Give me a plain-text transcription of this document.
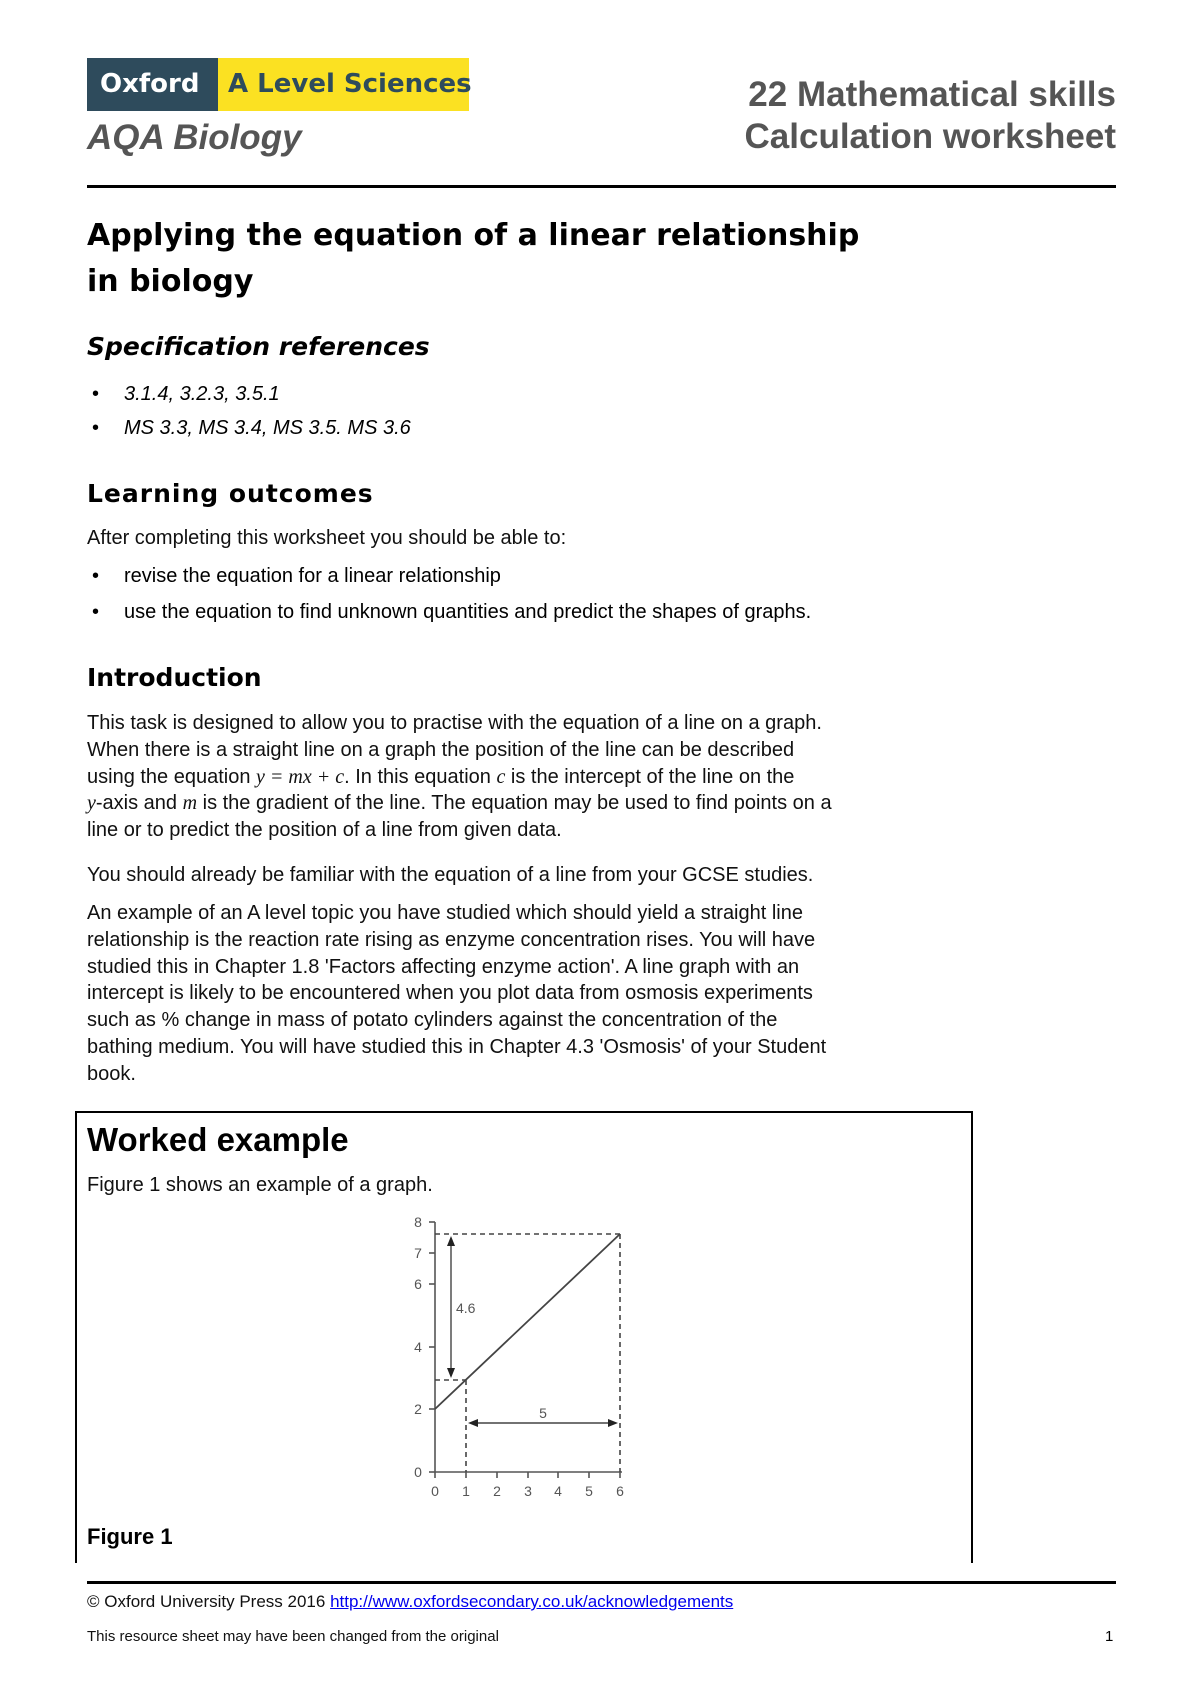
Oxford	A Level Sciences
AQA Biology
22 Mathematical skills
Calculation worksheet
Applying the equation of a linear relationship
in biology
Specification references
• 3.1.4, 3.2.3, 3.5.1
• MS 3.3, MS 3.4, MS 3.5. MS 3.6
Learning outcomes
After completing this worksheet you should be able to:
• revise the equation for a linear relationship
• use the equation to find unknown quantities and predict the shapes of graphs.
Introduction
This task is designed to allow you to practise with the equation of a line on a graph.
When there is a straight line on a graph the position of the line can be described
using the equation y = mx + c. In this equation c is the intercept of the line on the
y-axis and m is the gradient of the line. The equation may be used to find points on a
line or to predict the position of a line from given data.
You should already be familiar with the equation of a line from your GCSE studies.
An example of an A level topic you have studied which should yield a straight line
relationship is the reaction rate rising as enzyme concentration rises. You will have
studied this in Chapter 1.8 'Factors affecting enzyme action'. A line graph with an
intercept is likely to be encountered when you plot data from osmosis experiments
such as % change in mass of potato cylinders against the concentration of the
bathing medium. You will have studied this in Chapter 4.3 'Osmosis' of your Student
book.
Worked example
Figure 1 shows an example of a graph.
8
7
6
4
2
0
0 1 2 3 4 5 6
4.6
5
Figure 1
© Oxford University Press 2016 http://www.oxfordsecondary.co.uk/acknowledgements
This resource sheet may have been changed from the original	1
